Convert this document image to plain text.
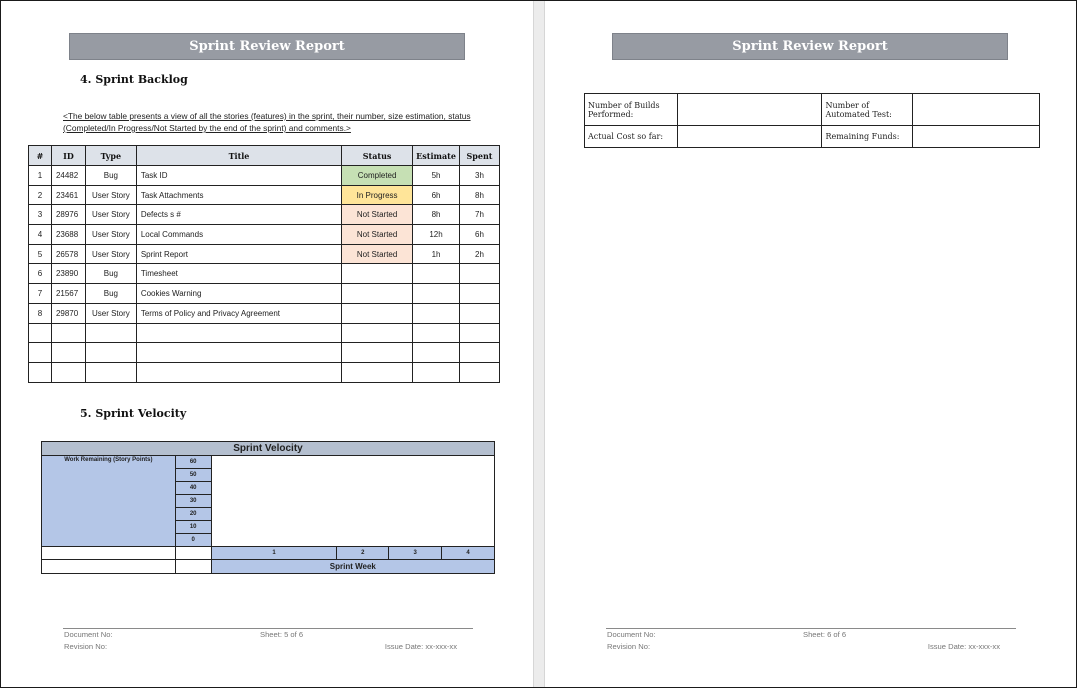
Sprint Review Report
4. Sprint Backlog
<The below table presents a view of all the stories (features) in the sprint, their number, size estimation, status (Completed/In Progress/Not Started by the end of the sprint) and comments.>
#	ID	Type	Title	Status	Estimate	Spent
1	24482	Bug	Task ID	Completed	5h	3h
2	23461	User Story	Task Attachments	In Progress	6h	8h
3	28976	User Story	Defects s #	Not Started	8h	7h
4	23688	User Story	Local Commands	Not Started	12h	6h
5	26578	User Story	Sprint Report	Not Started	1h	2h
6	23890	Bug	Timesheet			
7	21567	Bug	Cookies Warning			
8	29870	User Story	Terms of Policy and Privacy Agreement			

5. Sprint Velocity
Sprint Velocity					
Work Remaining (Story Points)	60				
	50				
	40				
	30				
	20				
	10				
	0				
		1	2	3	4
		Sprint Week			
Document No:	Sheet: 5 of 6
Revision No:	Issue Date: xx-xxx-xx
Sprint Review Report
Number of Builds Performed:		Number of Automated Test:	
Actual Cost so far:		Remaining Funds:	
Document No:	Sheet: 6 of 6
Revision No:	Issue Date: xx-xxx-xx
